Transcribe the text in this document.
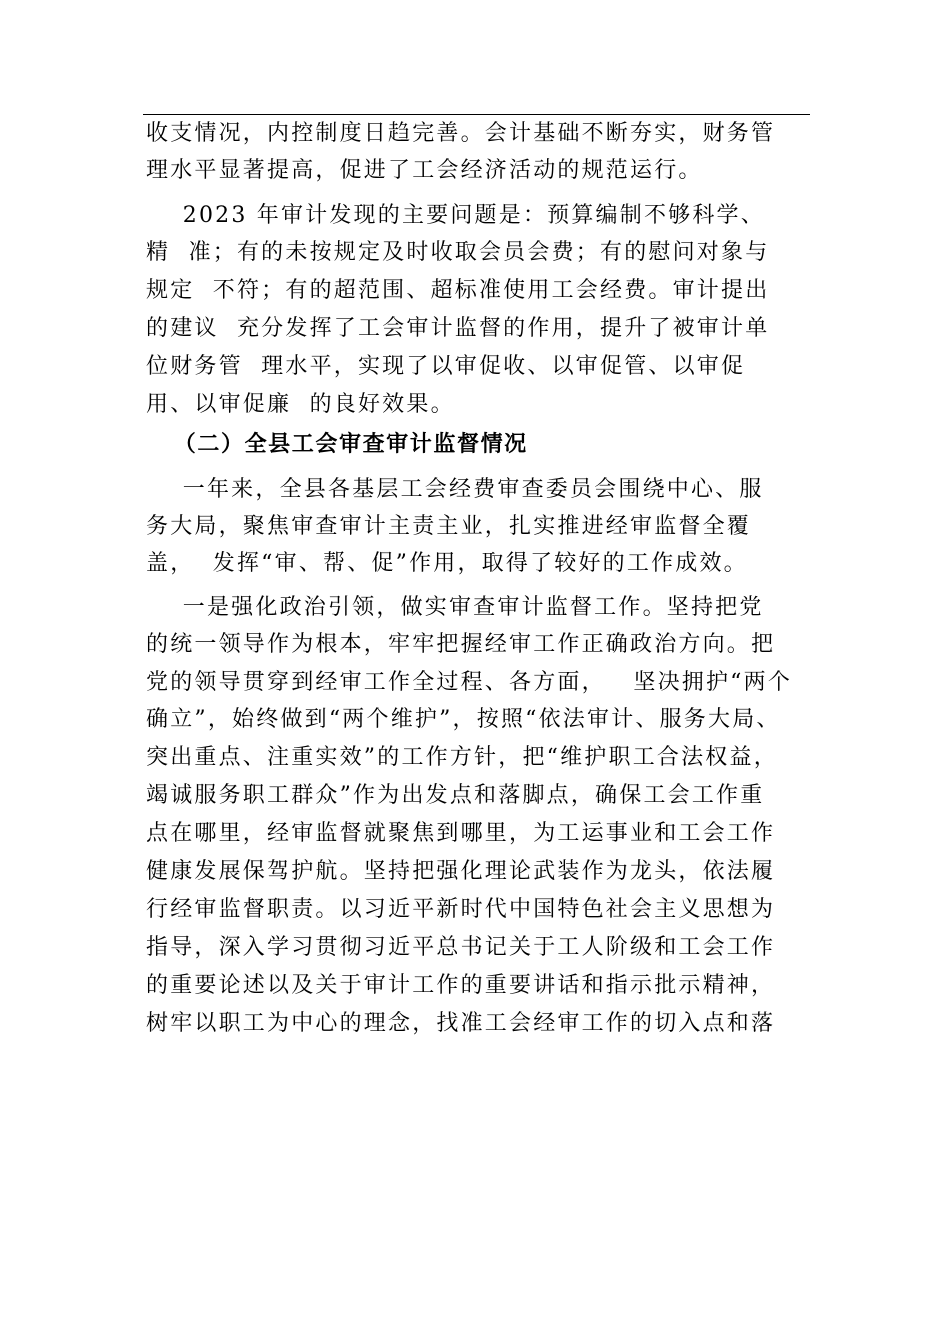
收支情况，内控制度日趋完善。会计基础不断夯实，财务管
理水平显著提高，促进了工会经济活动的规范运行。
2023 年审计发现的主要问题是：预算编制不够科学、
精  准；有的未按规定及时收取会员会费；有的慰问对象与
规定  不符；有的超范围、超标准使用工会经费。审计提出
的建议  充分发挥了工会审计监督的作用，提升了被审计单
位财务管  理水平，实现了以审促收、以审促管、以审促
用、以审促廉  的良好效果。
（二）全县工会审查审计监督情况
一年来，全县各基层工会经费审查委员会围绕中心、服
务大局，聚焦审查审计主责主业，扎实推进经审监督全覆
盖，  发挥“审、帮、促”作用，取得了较好的工作成效。
一是强化政治引领，做实审查审计监督工作。坚持把党
的统一领导作为根本，牢牢把握经审工作正确政治方向。把
党的领导贯穿到经审工作全过程、各方面，   坚决拥护“两个
确立”，始终做到“两个维护”，按照“依法审计、服务大局、
突出重点、注重实效”的工作方针，把“维护职工合法权益，
竭诚服务职工群众”作为出发点和落脚点，确保工会工作重
点在哪里，经审监督就聚焦到哪里，为工运事业和工会工作
健康发展保驾护航。坚持把强化理论武装作为龙头，依法履
行经审监督职责。以习近平新时代中国特色社会主义思想为
指导，深入学习贯彻习近平总书记关于工人阶级和工会工作
的重要论述以及关于审计工作的重要讲话和指示批示精神，
树牢以职工为中心的理念，找准工会经审工作的切入点和落
